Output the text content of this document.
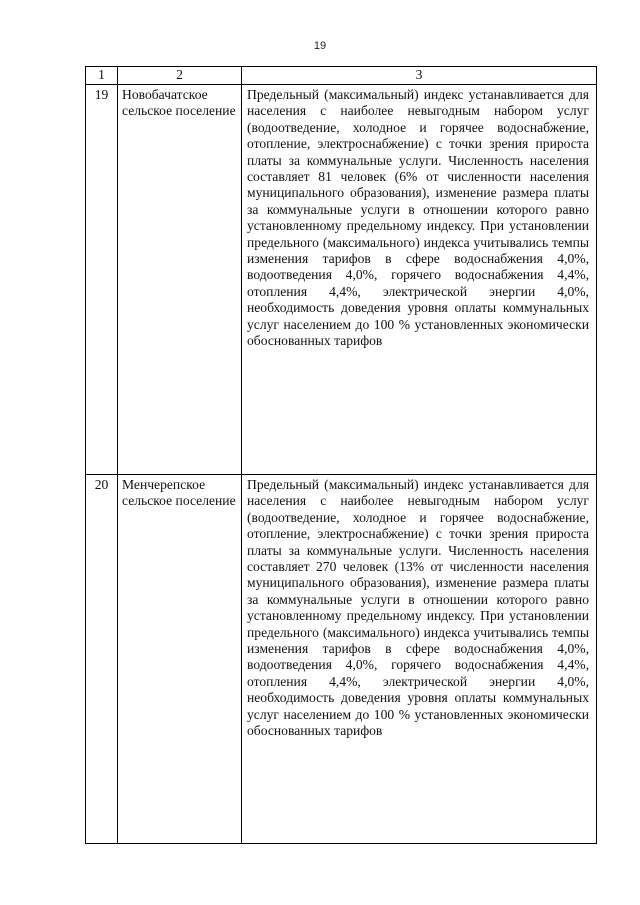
19
1	2	3
19	Новобачатское сельское поселение	Предельный (максимальный) индекс устанавливается для населения с наиболее невыгодным набором услуг (водоотведение, холодное и горячее водоснабжение, отопление, электроснабжение) с точки зрения прироста платы за коммунальные услуги. Численность населения составляет 81 человек (6% от численности населения муниципального образования), изменение размера платы за коммунальные услуги в отношении которого равно установленному предельному индексу. При установлении предельного (максимального) индекса учитывались темпы изменения тарифов в сфере водоснабжения 4,0%, водоотведения 4,0%, горячего водоснабжения 4,4%, отопления 4,4%, электрической энергии 4,0%, необходимость доведения уровня оплаты коммунальных услуг населением до 100 % установленных экономически обоснованных тарифов
20	Менчерепское сельское поселение	Предельный (максимальный) индекс устанавливается для населения с наиболее невыгодным набором услуг (водоотведение, холодное и горячее водоснабжение, отопление, электроснабжение) с точки зрения прироста платы за коммунальные услуги. Численность населения составляет 270 человек (13% от численности населения муниципального образования), изменение размера платы за коммунальные услуги в отношении которого равно установленному предельному индексу. При установлении предельного (максимального) индекса учитывались темпы изменения тарифов в сфере водоснабжения 4,0%, водоотведения 4,0%, горячего водоснабжения 4,4%, отопления 4,4%, электрической энергии 4,0%, необходимость доведения уровня оплаты коммунальных услуг населением до 100 % установленных экономически обоснованных тарифов
